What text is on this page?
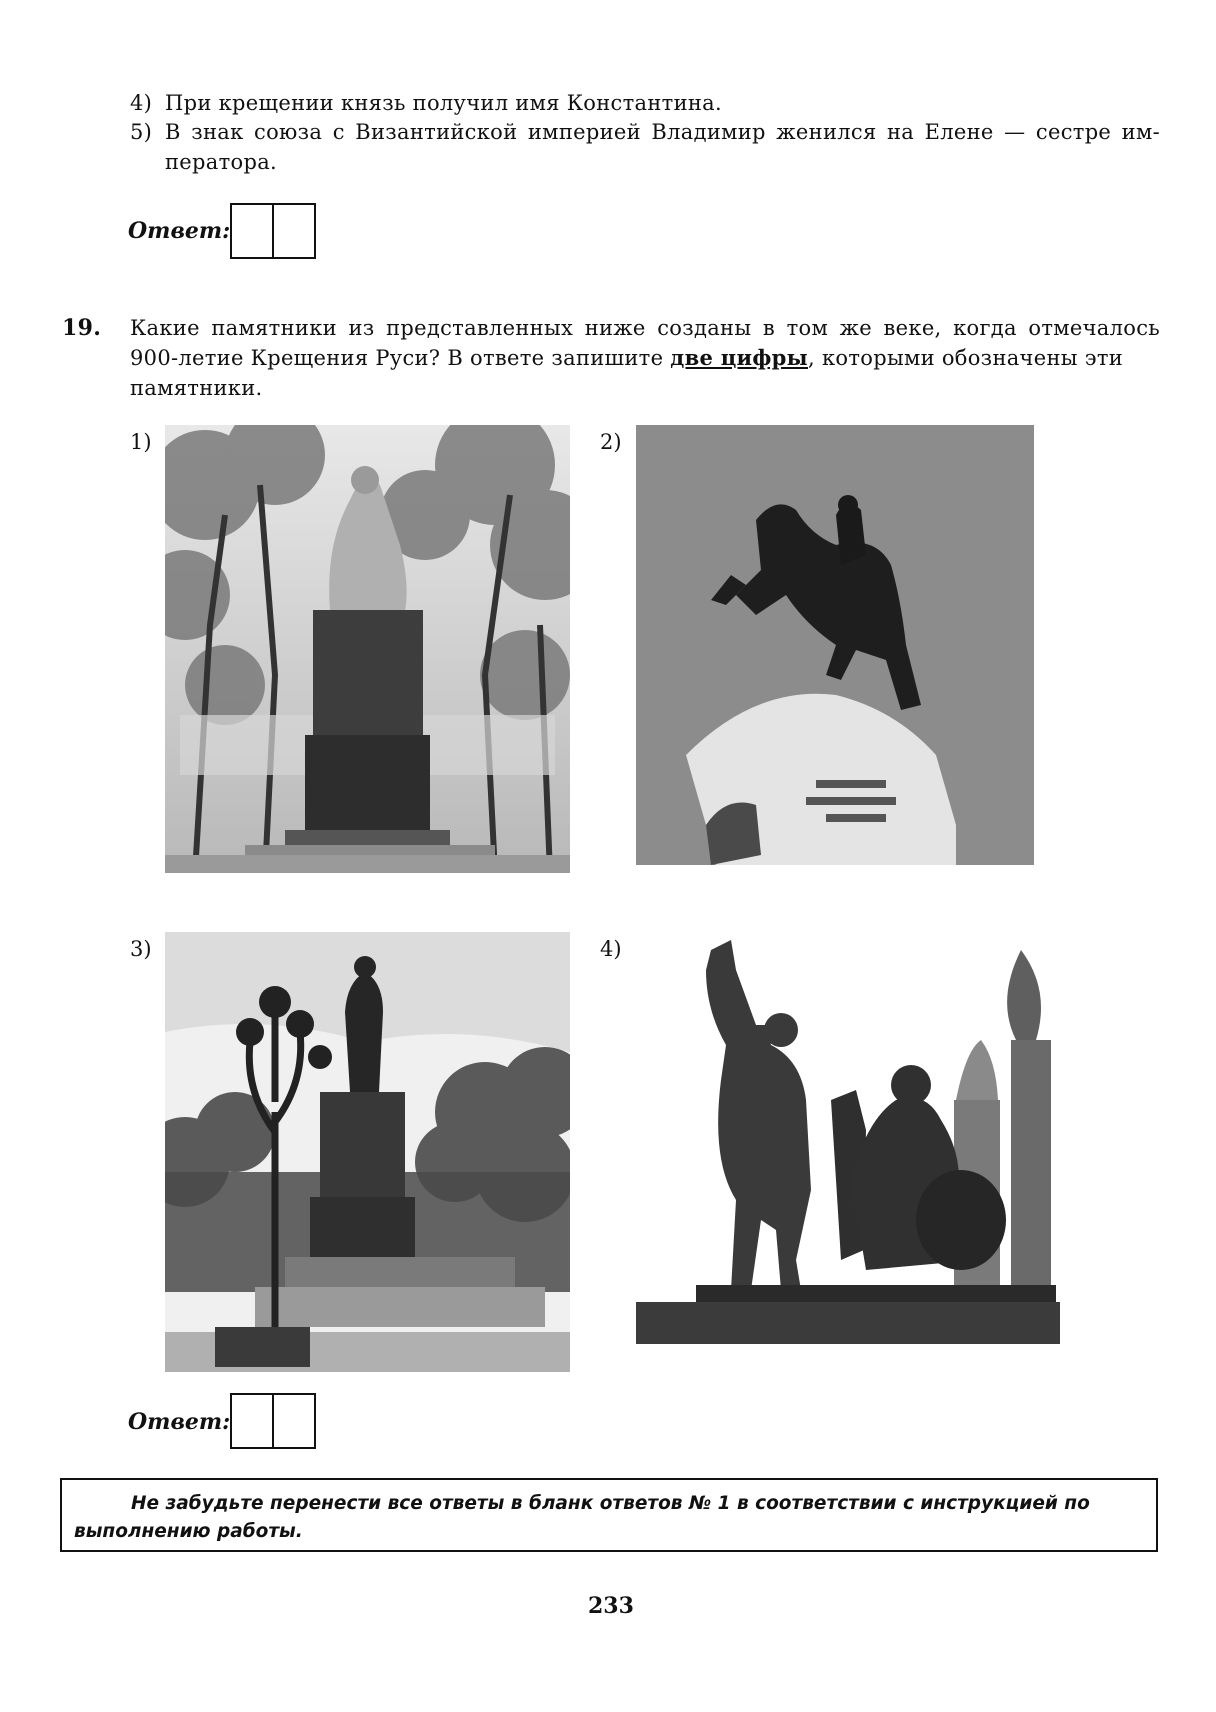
4) При крещении князь получил имя Константина.
5) В знак союза с Византийской империей Владимир женился на Елене — сестре им-
ператора.
Ответ:
19. Какие памятники из представленных ниже созданы в том же веке, когда отмечалось
900-летие Крещения Руси? В ответе запишите две цифры, которыми обозначены эти
памятники.
1)	2)
3)	4)
Ответ:
Не забудьте перенести все ответы в бланк ответов № 1 в соответствии с инструкцией по
выполнению работы.
233
